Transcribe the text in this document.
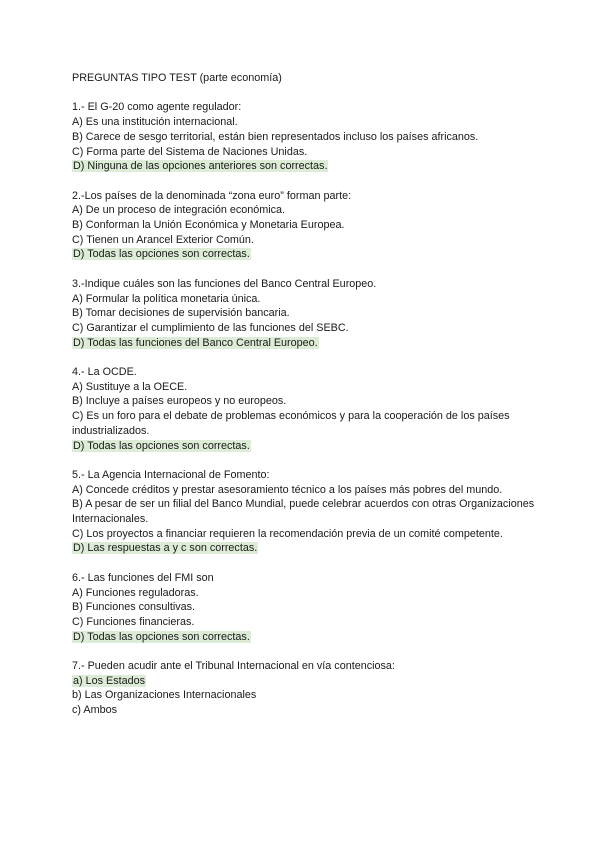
PREGUNTAS TIPO TEST (parte economía)
1.- El G-20 como agente regulador:
A) Es una institución internacional.
B) Carece de sesgo territorial, están bien representados incluso los países africanos.
C) Forma parte del Sistema de Naciones Unidas.
D) Ninguna de las opciones anteriores son correctas.
2.-Los países de la denominada “zona euro” forman parte:
A) De un proceso de integración económica.
B) Conforman la Unión Económica y Monetaria Europea.
C) Tienen un Arancel Exterior Común.
D) Todas las opciones son correctas.
3.-Indique cuáles son las funciones del Banco Central Europeo.
A) Formular la política monetaria única.
B) Tomar decisiones de supervisión bancaria.
C) Garantizar el cumplimiento de las funciones del SEBC.
D) Todas las funciones del Banco Central Europeo.
4.- La OCDE.
A) Sustituye a la OECE.
B) Incluye a países europeos y no europeos.
C) Es un foro para el debate de problemas económicos y para la cooperación de los países industrializados.
D) Todas las opciones son correctas.
5.- La Agencia Internacional de Fomento:
A) Concede créditos y prestar asesoramiento técnico a los países más pobres del mundo.
B) A pesar de ser un filial del Banco Mundial, puede celebrar acuerdos con otras Organizaciones Internacionales.
C) Los proyectos a financiar requieren la recomendación previa de un comité competente.
D) Las respuestas a y c son correctas.
6.- Las funciones del FMI son
A) Funciones reguladoras.
B) Funciones consultivas.
C) Funciones financieras.
D) Todas las opciones son correctas.
7.- Pueden acudir ante el Tribunal Internacional en vía contenciosa:
a) Los Estados
b) Las Organizaciones Internacionales
c) Ambos
